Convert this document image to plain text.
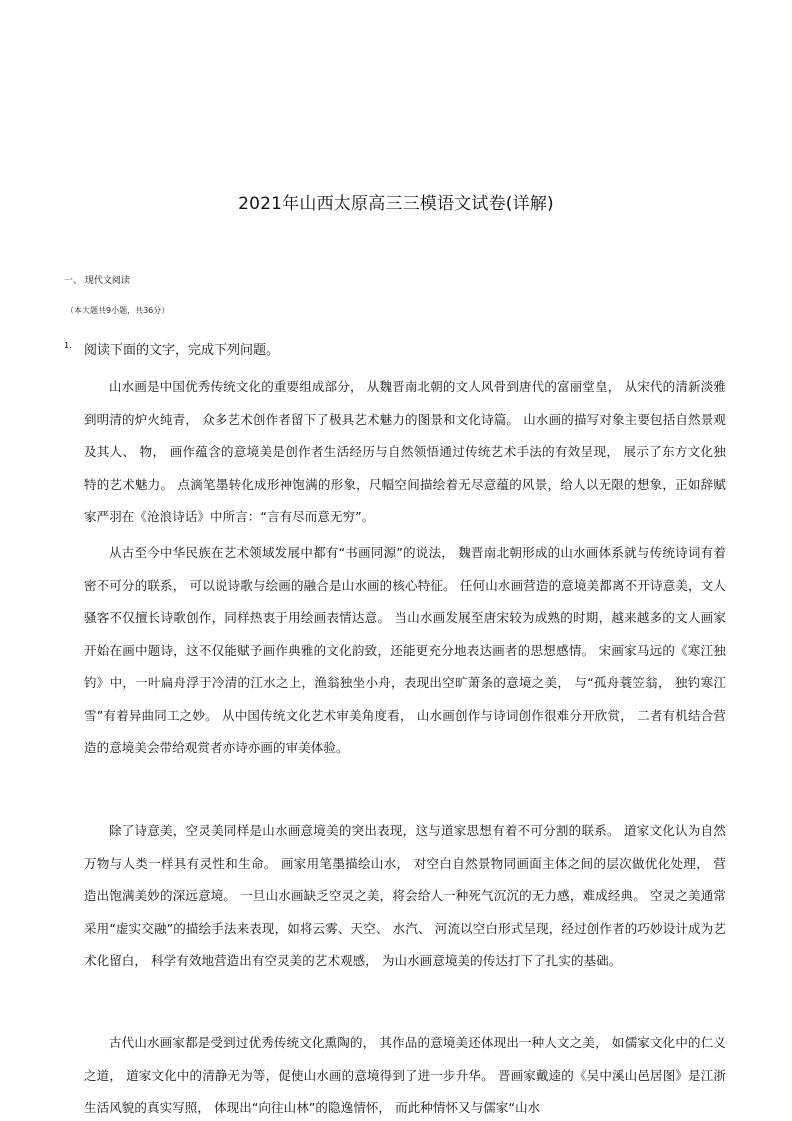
2021年山西太原高三三模语文试卷(详解)

一、 现代文阅读

（本大题共9小题，共36分）

1. 阅读下面的文字，完成下列问题。

山水画是中国优秀传统文化的重要组成部分， 从魏晋南北朝的文人风骨到唐代的富丽堂皇， 从宋代的清新淡雅到明清的炉火纯青， 众多艺术创作者留下了极具艺术魅力的图景和文化诗篇。 山水画的描写对象主要包括自然景观及其人、 物， 画作蕴含的意境美是创作者生活经历与自然领悟通过传统艺术手法的有效呈现， 展示了东方文化独特的艺术魅力。 点滴笔墨转化成形神饱满的形象，尺幅空间描绘着无尽意蕴的风景，给人以无限的想象，正如辞赋家严羽在《沧浪诗话》中所言：“言有尽而意无穷”。

从古至今中华民族在艺术领域发展中都有“书画同源”的说法， 魏晋南北朝形成的山水画体系就与传统诗词有着密不可分的联系， 可以说诗歌与绘画的融合是山水画的核心特征。 任何山水画营造的意境美都离不开诗意美，文人骚客不仅擅长诗歌创作，同样热衷于用绘画表情达意。 当山水画发展至唐宋较为成熟的时期，越来越多的文人画家开始在画中题诗，这不仅能赋予画作典雅的文化韵致，还能更充分地表达画者的思想感情。 宋画家马远的《寒江独钓》中，一叶扁舟浮于冷清的江水之上，渔翁独坐小舟，表现出空旷萧条的意境之美， 与“孤舟蓑笠翁， 独钓寒江雪”有着异曲同工之妙。 从中国传统文化艺术审美角度看， 山水画创作与诗词创作很难分开欣赏， 二者有机结合营造的意境美会带给观赏者亦诗亦画的审美体验。

除了诗意美，空灵美同样是山水画意境美的突出表现，这与道家思想有着不可分割的联系。 道家文化认为自然万物与人类一样具有灵性和生命。 画家用笔墨描绘山水， 对空白自然景物同画面主体之间的层次做优化处理， 营造出饱满美妙的深远意境。 一旦山水画缺乏空灵之美，将会给人一种死气沉沉的无力感，难成经典。 空灵之美通常采用“虚实交融”的描绘手法来表现，如将云雾、天空、 水汽、 河流以空白形式呈现，经过创作者的巧妙设计成为艺术化留白， 科学有效地营造出有空灵美的艺术观感， 为山水画意境美的传达打下了扎实的基础。

古代山水画家都是受到过优秀传统文化熏陶的， 其作品的意境美还体现出一种人文之美， 如儒家文化中的仁义之道， 道家文化中的清静无为等，促使山水画的意境得到了进一步升华。 晋画家戴逵的《吴中溪山邑居图》是江浙生活风貌的真实写照， 体现出“向往山林”的隐逸情怀， 而此种情怀又与儒家“山水
